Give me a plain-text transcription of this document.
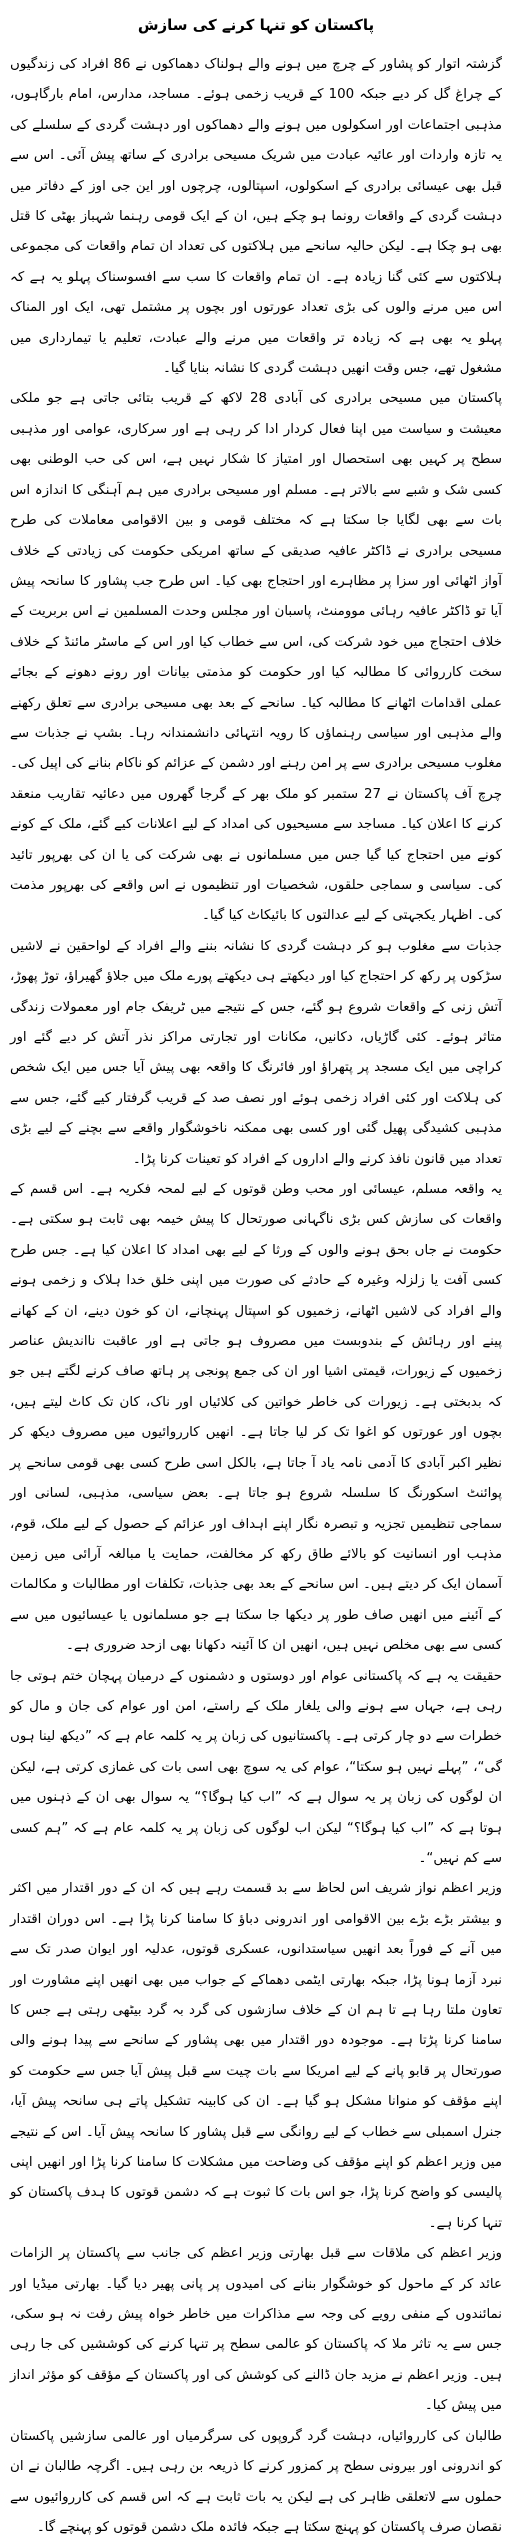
پاکستان کو تنہا کرنے کی سازش

گزشتہ اتوار کو پشاور کے چرچ میں ہونے والے ہولناک دھماکوں نے 86 افراد کی زندگیوں کے چراغ گل کر دیے جبکہ 100 کے قریب زخمی ہوئے۔ مساجد، مدارس، امام بارگاہوں، مذہبی اجتماعات اور اسکولوں میں ہونے والے دھماکوں اور دہشت گردی کے سلسلے کی یہ تازہ واردات اور عائیہ عبادت میں شریک مسیحی برادری کے ساتھ پیش آئی۔ اس سے قبل بھی عیسائی برادری کے اسکولوں، اسپتالوں، چرچوں اور این جی اوز کے دفاتر میں دہشت گردی کے واقعات رونما ہو چکے ہیں، ان کے ایک قومی رہنما شہباز بھٹی کا قتل بھی ہو چکا ہے۔ لیکن حالیہ سانحے میں ہلاکتوں کی تعداد ان تمام واقعات کی مجموعی ہلاکتوں سے کئی گنا زیادہ ہے۔ ان تمام واقعات کا سب سے افسوسناک پہلو یہ ہے کہ اس میں مرنے والوں کی بڑی تعداد عورتوں اور بچوں پر مشتمل تھی، ایک اور المناک پہلو یہ بھی ہے کہ زیادہ تر واقعات میں مرنے والے عبادت، تعلیم یا تیمارداری میں مشغول تھے، جس وقت انھیں دہشت گردی کا نشانہ بنایا گیا۔

پاکستان میں مسیحی برادری کی آبادی 28 لاکھ کے قریب بتائی جاتی ہے جو ملکی معیشت و سیاست میں اپنا فعال کردار ادا کر رہی ہے اور سرکاری، عوامی اور مذہبی سطح پر کہیں بھی استحصال اور امتیاز کا شکار نہیں ہے، اس کی حب الوطنی بھی کسی شک و شبے سے بالاتر ہے۔ مسلم اور مسیحی برادری میں ہم آہنگی کا اندازہ اس بات سے بھی لگایا جا سکتا ہے کہ مختلف قومی و بین الاقوامی معاملات کی طرح مسیحی برادری نے ڈاکٹر عافیہ صدیقی کے ساتھ امریکی حکومت کی زیادتی کے خلاف آواز اٹھائی اور سزا پر مظاہرے اور احتجاج بھی کیا۔ اس طرح جب پشاور کا سانحہ پیش آیا تو ڈاکٹر عافیہ رہائی موومنٹ، پاسبان اور مجلس وحدت المسلمین نے اس بربریت کے خلاف احتجاج میں خود شرکت کی، اس سے خطاب کیا اور اس کے ماسٹر مائنڈ کے خلاف سخت کارروائی کا مطالبہ کیا اور حکومت کو مذمتی بیانات اور رونے دھونے کے بجائے عملی اقدامات اٹھانے کا مطالبہ کیا۔ سانحے کے بعد بھی مسیحی برادری سے تعلق رکھنے والے مذہبی اور سیاسی رہنماؤں کا رویہ انتہائی دانشمندانہ رہا۔ بشپ نے جذبات سے مغلوب مسیحی برادری سے پر امن رہنے اور دشمن کے عزائم کو ناکام بنانے کی اپیل کی۔ چرچ آف پاکستان نے 27 ستمبر کو ملک بھر کے گرجا گھروں میں دعائیہ تقاریب منعقد کرنے کا اعلان کیا۔ مساجد سے مسیحیوں کی امداد کے لیے اعلانات کیے گئے، ملک کے کونے کونے میں احتجاج کیا گیا جس میں مسلمانوں نے بھی شرکت کی یا ان کی بھرپور تائید کی۔ سیاسی و سماجی حلقوں، شخصیات اور تنظیموں نے اس واقعے کی بھرپور مذمت کی۔ اظہار یکجہتی کے لیے عدالتوں کا بائیکاٹ کیا گیا۔

جذبات سے مغلوب ہو کر دہشت گردی کا نشانہ بننے والے افراد کے لواحقین نے لاشیں سڑکوں پر رکھ کر احتجاج کیا اور دیکھتے ہی دیکھتے پورے ملک میں جلاؤ گھیراؤ، توڑ پھوڑ، آتش زنی کے واقعات شروع ہو گئے، جس کے نتیجے میں ٹریفک جام اور معمولات زندگی متاثر ہوئے۔ کئی گاڑیاں، دکانیں، مکانات اور تجارتی مراکز نذر آتش کر دیے گئے اور کراچی میں ایک مسجد پر پتھراؤ اور فائرنگ کا واقعہ بھی پیش آیا جس میں ایک شخص کی ہلاکت اور کئی افراد زخمی ہوئے اور نصف صد کے قریب گرفتار کیے گئے، جس سے مذہبی کشیدگی پھیل گئی اور کسی بھی ممکنہ ناخوشگوار واقعے سے بچنے کے لیے بڑی تعداد میں قانون نافذ کرنے والے اداروں کے افراد کو تعینات کرنا پڑا۔

یہ واقعہ مسلم، عیسائی اور محب وطن قوتوں کے لیے لمحہ فکریہ ہے۔ اس قسم کے واقعات کی سازش کس بڑی ناگہانی صورتحال کا پیش خیمہ بھی ثابت ہو سکتی ہے۔ حکومت نے جاں بحق ہونے والوں کے ورثا کے لیے بھی امداد کا اعلان کیا ہے۔ جس طرح کسی آفت یا زلزلہ وغیرہ کے حادثے کی صورت میں اپنی خلق خدا ہلاک و زخمی ہونے والے افراد کی لاشیں اٹھانے، زخمیوں کو اسپتال پہنچانے، ان کو خون دینے، ان کے کھانے پینے اور رہائش کے بندوبست میں مصروف ہو جاتی ہے اور عاقبت نااندیش عناصر زخمیوں کے زیورات، قیمتی اشیا اور ان کی جمع پونجی پر ہاتھ صاف کرنے لگتے ہیں جو کہ بدبختی ہے۔ زیورات کی خاطر خواتین کی کلائیاں اور ناک، کان تک کاٹ لیتے ہیں، بچوں اور عورتوں کو اغوا تک کر لیا جاتا ہے۔ انھیں کارروائیوں میں مصروف دیکھ کر نظیر اکبر آبادی کا آدمی نامہ یاد آ جاتا ہے، بالکل اسی طرح کسی بھی قومی سانحے پر پوائنٹ اسکورنگ کا سلسلہ شروع ہو جاتا ہے۔ بعض سیاسی، مذہبی، لسانی اور سماجی تنظیمیں تجزیہ و تبصرہ نگار اپنے اہداف اور عزائم کے حصول کے لیے ملک، قوم، مذہب اور انسانیت کو بالائے طاق رکھ کر مخالفت، حمایت یا مبالغہ آرائی میں زمین آسمان ایک کر دیتے ہیں۔ اس سانحے کے بعد بھی جذبات، تکلفات اور مطالبات و مکالمات کے آئینے میں انھیں صاف طور پر دیکھا جا سکتا ہے جو مسلمانوں یا عیسائیوں میں سے کسی سے بھی مخلص نہیں ہیں، انھیں ان کا آئینہ دکھانا بھی ازحد ضروری ہے۔

حقیقت یہ ہے کہ پاکستانی عوام اور دوستوں و دشمنوں کے درمیان پہچان ختم ہوتی جا رہی ہے، جہاں سے ہونے والی یلغار ملک کے راستے، امن اور عوام کی جان و مال کو خطرات سے دو چار کرتی ہے۔ پاکستانیوں کی زبان پر یہ کلمہ عام ہے کہ ”دیکھ لینا ہوں گی“، ”پہلے نہیں ہو سکتا“، عوام کی یہ سوچ بھی اسی بات کی غمازی کرتی ہے، لیکن ان لوگوں کی زبان پر یہ سوال ہے کہ ”اب کیا ہوگا؟“ یہ سوال بھی ان کے ذہنوں میں ہوتا ہے کہ ”اب کیا ہوگا؟“ لیکن اب لوگوں کی زبان پر یہ کلمہ عام ہے کہ ”ہم کسی سے کم نہیں“۔

وزیر اعظم نواز شریف اس لحاظ سے بد قسمت رہے ہیں کہ ان کے دور اقتدار میں اکثر و بیشتر بڑے بڑے بین الاقوامی اور اندرونی دباؤ کا سامنا کرنا پڑا ہے۔ اس دوران اقتدار میں آنے کے فوراً بعد انھیں سیاستدانوں، عسکری قوتوں، عدلیہ اور ایوان صدر تک سے نبرد آزما ہونا پڑا، جبکہ بھارتی ایٹمی دھماکے کے جواب میں بھی انھیں اپنے مشاورت اور تعاون ملتا رہا ہے تا ہم ان کے خلاف سازشوں کی گرد بہ گرد بیٹھی رہتی ہے جس کا سامنا کرنا پڑتا ہے۔ موجودہ دور اقتدار میں بھی پشاور کے سانحے سے پیدا ہونے والی صورتحال پر قابو پانے کے لیے امریکا سے بات چیت سے قبل پیش آیا جس سے حکومت کو اپنے مؤقف کو منوانا مشکل ہو گیا ہے۔ ان کی کابینہ تشکیل پاتے ہی سانحہ پیش آیا، جنرل اسمبلی سے خطاب کے لیے روانگی سے قبل پشاور کا سانحہ پیش آیا۔ اس کے نتیجے میں وزیر اعظم کو اپنے مؤقف کی وضاحت میں مشکلات کا سامنا کرنا پڑا اور انھیں اپنی پالیسی کو واضح کرنا پڑا، جو اس بات کا ثبوت ہے کہ دشمن قوتوں کا ہدف پاکستان کو تنہا کرنا ہے۔

وزیر اعظم کی ملاقات سے قبل بھارتی وزیر اعظم کی جانب سے پاکستان پر الزامات عائد کر کے ماحول کو خوشگوار بنانے کی امیدوں پر پانی پھیر دیا گیا۔ بھارتی میڈیا اور نمائندوں کے منفی رویے کی وجہ سے مذاکرات میں خاطر خواہ پیش رفت نہ ہو سکی، جس سے یہ تاثر ملا کہ پاکستان کو عالمی سطح پر تنہا کرنے کی کوششیں کی جا رہی ہیں۔ وزیر اعظم نے مزید جان ڈالنے کی کوشش کی اور پاکستان کے مؤقف کو مؤثر انداز میں پیش کیا۔

طالبان کی کارروائیاں، دہشت گرد گروپوں کی سرگرمیاں اور عالمی سازشیں پاکستان کو اندرونی اور بیرونی سطح پر کمزور کرنے کا ذریعہ بن رہی ہیں۔ اگرچہ طالبان نے ان حملوں سے لاتعلقی ظاہر کی ہے لیکن یہ بات ثابت ہے کہ اس قسم کی کارروائیوں سے نقصان صرف پاکستان کو پہنچ سکتا ہے جبکہ فائدہ ملک دشمن قوتوں کو پہنچے گا۔
